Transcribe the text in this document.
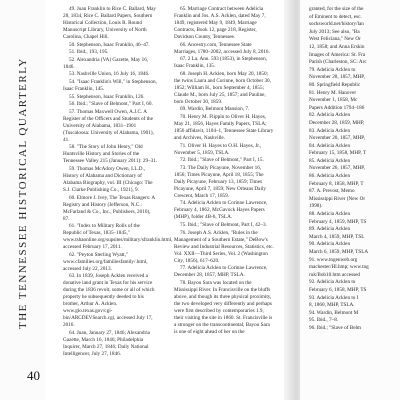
THE TENNESSEE HISTORICAL QUARTERLY
40

49. Juan Franklin to Rice C. Ballard, May 28, 1834, Rice C. Ballard Papers, Southern Historical Collection, Louis R. Round Manuscript Library, University of North Carolina, Chapel Hill.

50. Stephenson, Isaac Franklin, 46–47.

51. Ibid., 193, 195.

52. Alexandria (VA) Gazette, May 16, 1846.

53. Nashville Union, 16 July 16, 1846.

54. "Isaac Franklin's Will," in Stephenson, Isaac Franklin, 145.

55. Stephenson, Isaac Franklin, 126.

56. Ibid.; "Slave of Belmont," Part I, 60.

57. Thomas Maxwell Owen, A.J.C. A Register of the Officers and Students of the University of Alabama, 1831–1901 (Tuscaloosa: University of Alabama, 1901), 41.

58. "The Story of John Henry," Old Huntsville History and Stories of the Tennessee Valley 215 (January 2011): 29–31.

59. Thomas McAdory Owen, LL.D., History of Alabama and Dictionary of Alabama Biography, vol. III (Chicago: The S.J. Clarke Publishing Co., 1921), 9.

60. Elmore J. Ivey, The Texas Rangers: A Registry and History (Jefferson, N.C.: McFarland & Co., Inc., Publishers, 2010), 87.

61. "Index to Military Rolls of the Republic of Texas, 1835–1845," www.tshaonline.org/supsites/military/sfranklin.html, accessed February 17, 2011.

62. "Peyton Sterling Wyatt," www.cfamilies.org/familiesfamily/.html, accessed July 22, 2013.

63. In 1839, Joseph Acklen received a donative land grant in Texas for his service during the 1836 revolt, some or all of which property he subsequently deeded to his brother, Arthur A. Acklen. www.glo.texas.gov/cgi-bin/ARCDEVSearch.cgi, accessed July 17, 2016.

64. Juan, January 27, 1846; Alexandria Gazette, March 16, 1846; Philadelphia Inquirer, March 27, 1846; Daily National Intelligencer, July 27, 1846.

65. Marriage Contract between Adelicia Franklin and Jos. A.S. Acklen, dated May 7, 1849, registered May 9, 1849, Marriage Contracts, Book 12, page 218, Register, Davidson County, Tennessee.

66. Ancestry.com, Tennessee State Marriages, 1780–2002, accessed July 8, 2016.

67. 2 La. Ann. 593 (1853), in Stephenson, Isaac Franklin, 135.

68. Joseph H. Acklen, born May 20, 1850; the twins Laura and Corinne, born October 30, 1852; William H., born September 4, 1855; Claude M., born July 25, 1857; and Pauline, born October 30, 1859.

69. Wardin, Belmont Mansion, 7.

70. Henry M. Flippin to Oliver H. Hayes, May 21, 1856, Hayes Family Papers, TSLA; 1856 affidavit, 1104–1, Tennessee State Library and Archives, Nashville.

71. Oliver H. Hayes to O.H. Hayes, Jr., November 5, 1859, TSLA.

72. Ibid.; "Slave of Belmont," Part I, 15.

73. The Daily Picayune, November 16, 1856; Times Picayune, April 18, 1855; The Daily Picayune, February 13, 1859; Times Picayune, April 7, 1859; New Orleans Daily Crescent, March 17, 1859.

74. Adelicia Acklen to Corinne Lawrence, February 4, 1862, McGavock Hayes Papers (MHP), folder 4B-6, TSLA.

75. Ibid.; "Slave of Belmont, Part I, 42–3.

76. Joseph A.S. Acklen, "Rules in the Management of a Southern Estate," DeBow's Review and Industrial Resources, Statistics, etc. Vol. XXII—Third Series, Vol. 2 (Washington City, 1856), 617–620.

77. Adelicia Acklen to Corinne Lawrence, December 28, 1857, MHP, TSLA.

78. Bayou Sara was located on the Mississippi River. In Francisville on the bluffs above, and though its three physical proximity, the two developed very differently and perhaps were first described by contemporaries 1.9, their visiting the site in 1860. St. Francisville is a stronger on the transcontinental, Bayou Sara is one of eight ahead of her on the

granted, for the size of the

of Eminent to detect, esc.

socksworld.net/history/lan

July 2013; See also, "Ba

West Feliciana," New Or

12, 1858; and Anna Erskin

Images of America: St. Fra

Parish (Charleston, SC: Arc

79. Adelicia Acklen to

November 28, 1857, MHP,

80. Springfield Republic

81. Henry M. Hanover

November 1, 1858, Mc

Papers Addition 1794–186

82. Adelicia Acklen

December 28, 1859, MHP,

83. Adelicia Acklen

November 20, 1857, MHP,

84. Adelicia Acklen

February 15, 1858, MHP, T

85. Adelicia Acklen

November 26, 1857, MHP,

86. Adelicia Acklen

February 8, 1858, MHP, T

87. A. Prevost, Memo

Mississippi River (New Or

1998).

88. Adelicia Acklen

February 4, 1859, MHP, TS

89. Adelicia Acklen

March 4, 1859, MHP, TSL

90. Adelicia Acklen

March 6, 1859, MHP, TSLA

91. www.tngenweb.org

machester/Hl.hmp; www.tng

ruk/Bob10.htm accessed

92. Adelicia Acklen to

February 6, 1858, MHP, TS

93. Adelicia Acklen to I

8, 1860, MHP, TSLA.

94. Wardin, Belmont M

95. Ibid., 7–8.

96. Ibid.; "Slave of Belm
